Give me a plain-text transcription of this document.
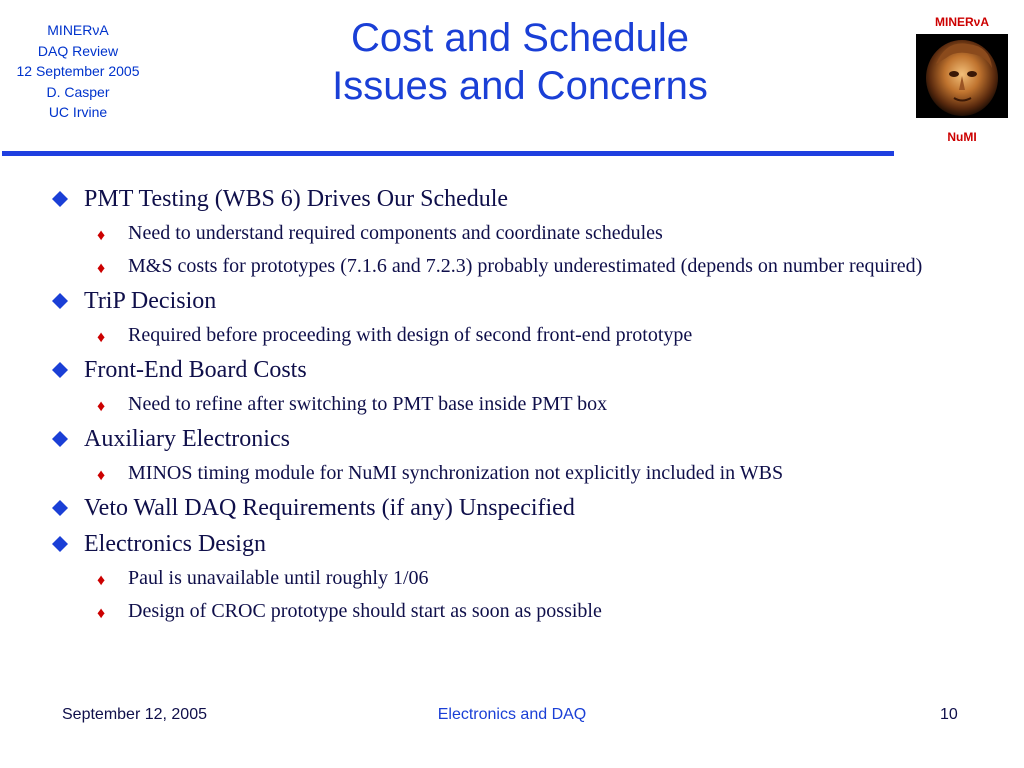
MINERνA
DAQ Review
12 September 2005
D. Casper
UC Irvine
Cost and Schedule
Issues and Concerns
MINERνA
NuMI
PMT Testing (WBS 6) Drives Our Schedule
♦ Need to understand required components and coordinate schedules
♦ M&S costs for prototypes (7.1.6 and 7.2.3) probably underestimated (depends on number required)
TriP Decision
♦ Required before proceeding with design of second front-end prototype
Front-End Board Costs
♦ Need to refine after switching to PMT base inside PMT box
Auxiliary Electronics
♦ MINOS timing module for NuMI synchronization not explicitly included in WBS
Veto Wall DAQ Requirements (if any) Unspecified
Electronics Design
♦ Paul is unavailable until roughly 1/06
♦ Design of CROC prototype should start as soon as possible
September 12, 2005	Electronics and DAQ	10
